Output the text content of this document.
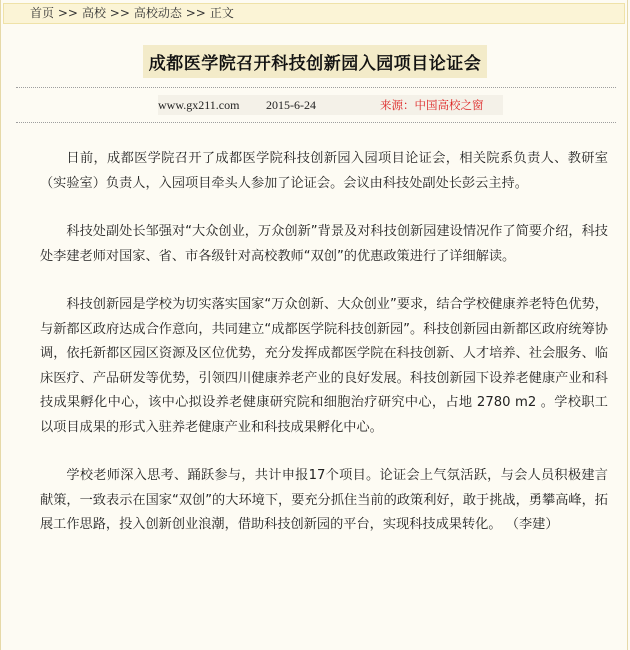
首页 >> 高校 >> 高校动态 >> 正文
成都医学院召开科技创新园入园项目论证会
www.gx211.com 2015-6-24	来源：中国高校之窗

日前，成都医学院召开了成都医学院科技创新园入园项目论证会，相关院系负责人、教研室（实验室）负责人，入园项目牵头人参加了论证会。会议由科技处副处长彭云主持。

科技处副处长邹强对“大众创业，万众创新”背景及对科技创新园建设情况作了简要介绍，科技处李建老师对国家、省、市各级针对高校教师“双创”的优惠政策进行了详细解读。

科技创新园是学校为切实落实国家“万众创新、大众创业”要求，结合学校健康养老特色优势，与新都区政府达成合作意向，共同建立“成都医学院科技创新园”。科技创新园由新都区政府统筹协调，依托新都区园区资源及区位优势，充分发挥成都医学院在科技创新、人才培养、社会服务、临床医疗、产品研发等优势，引领四川健康养老产业的良好发展。科技创新园下设养老健康产业和科技成果孵化中心，该中心拟设养老健康研究院和细胞治疗研究中心，占地 2780 m2 。学校职工以项目成果的形式入驻养老健康产业和科技成果孵化中心。

学校老师深入思考、踊跃参与，共计申报17个项目。论证会上气氛活跃，与会人员积极建言献策，一致表示在国家“双创”的大环境下，要充分抓住当前的政策利好，敢于挑战，勇攀高峰，拓展工作思路，投入创新创业浪潮，借助科技创新园的平台，实现科技成果转化。 （李建）
